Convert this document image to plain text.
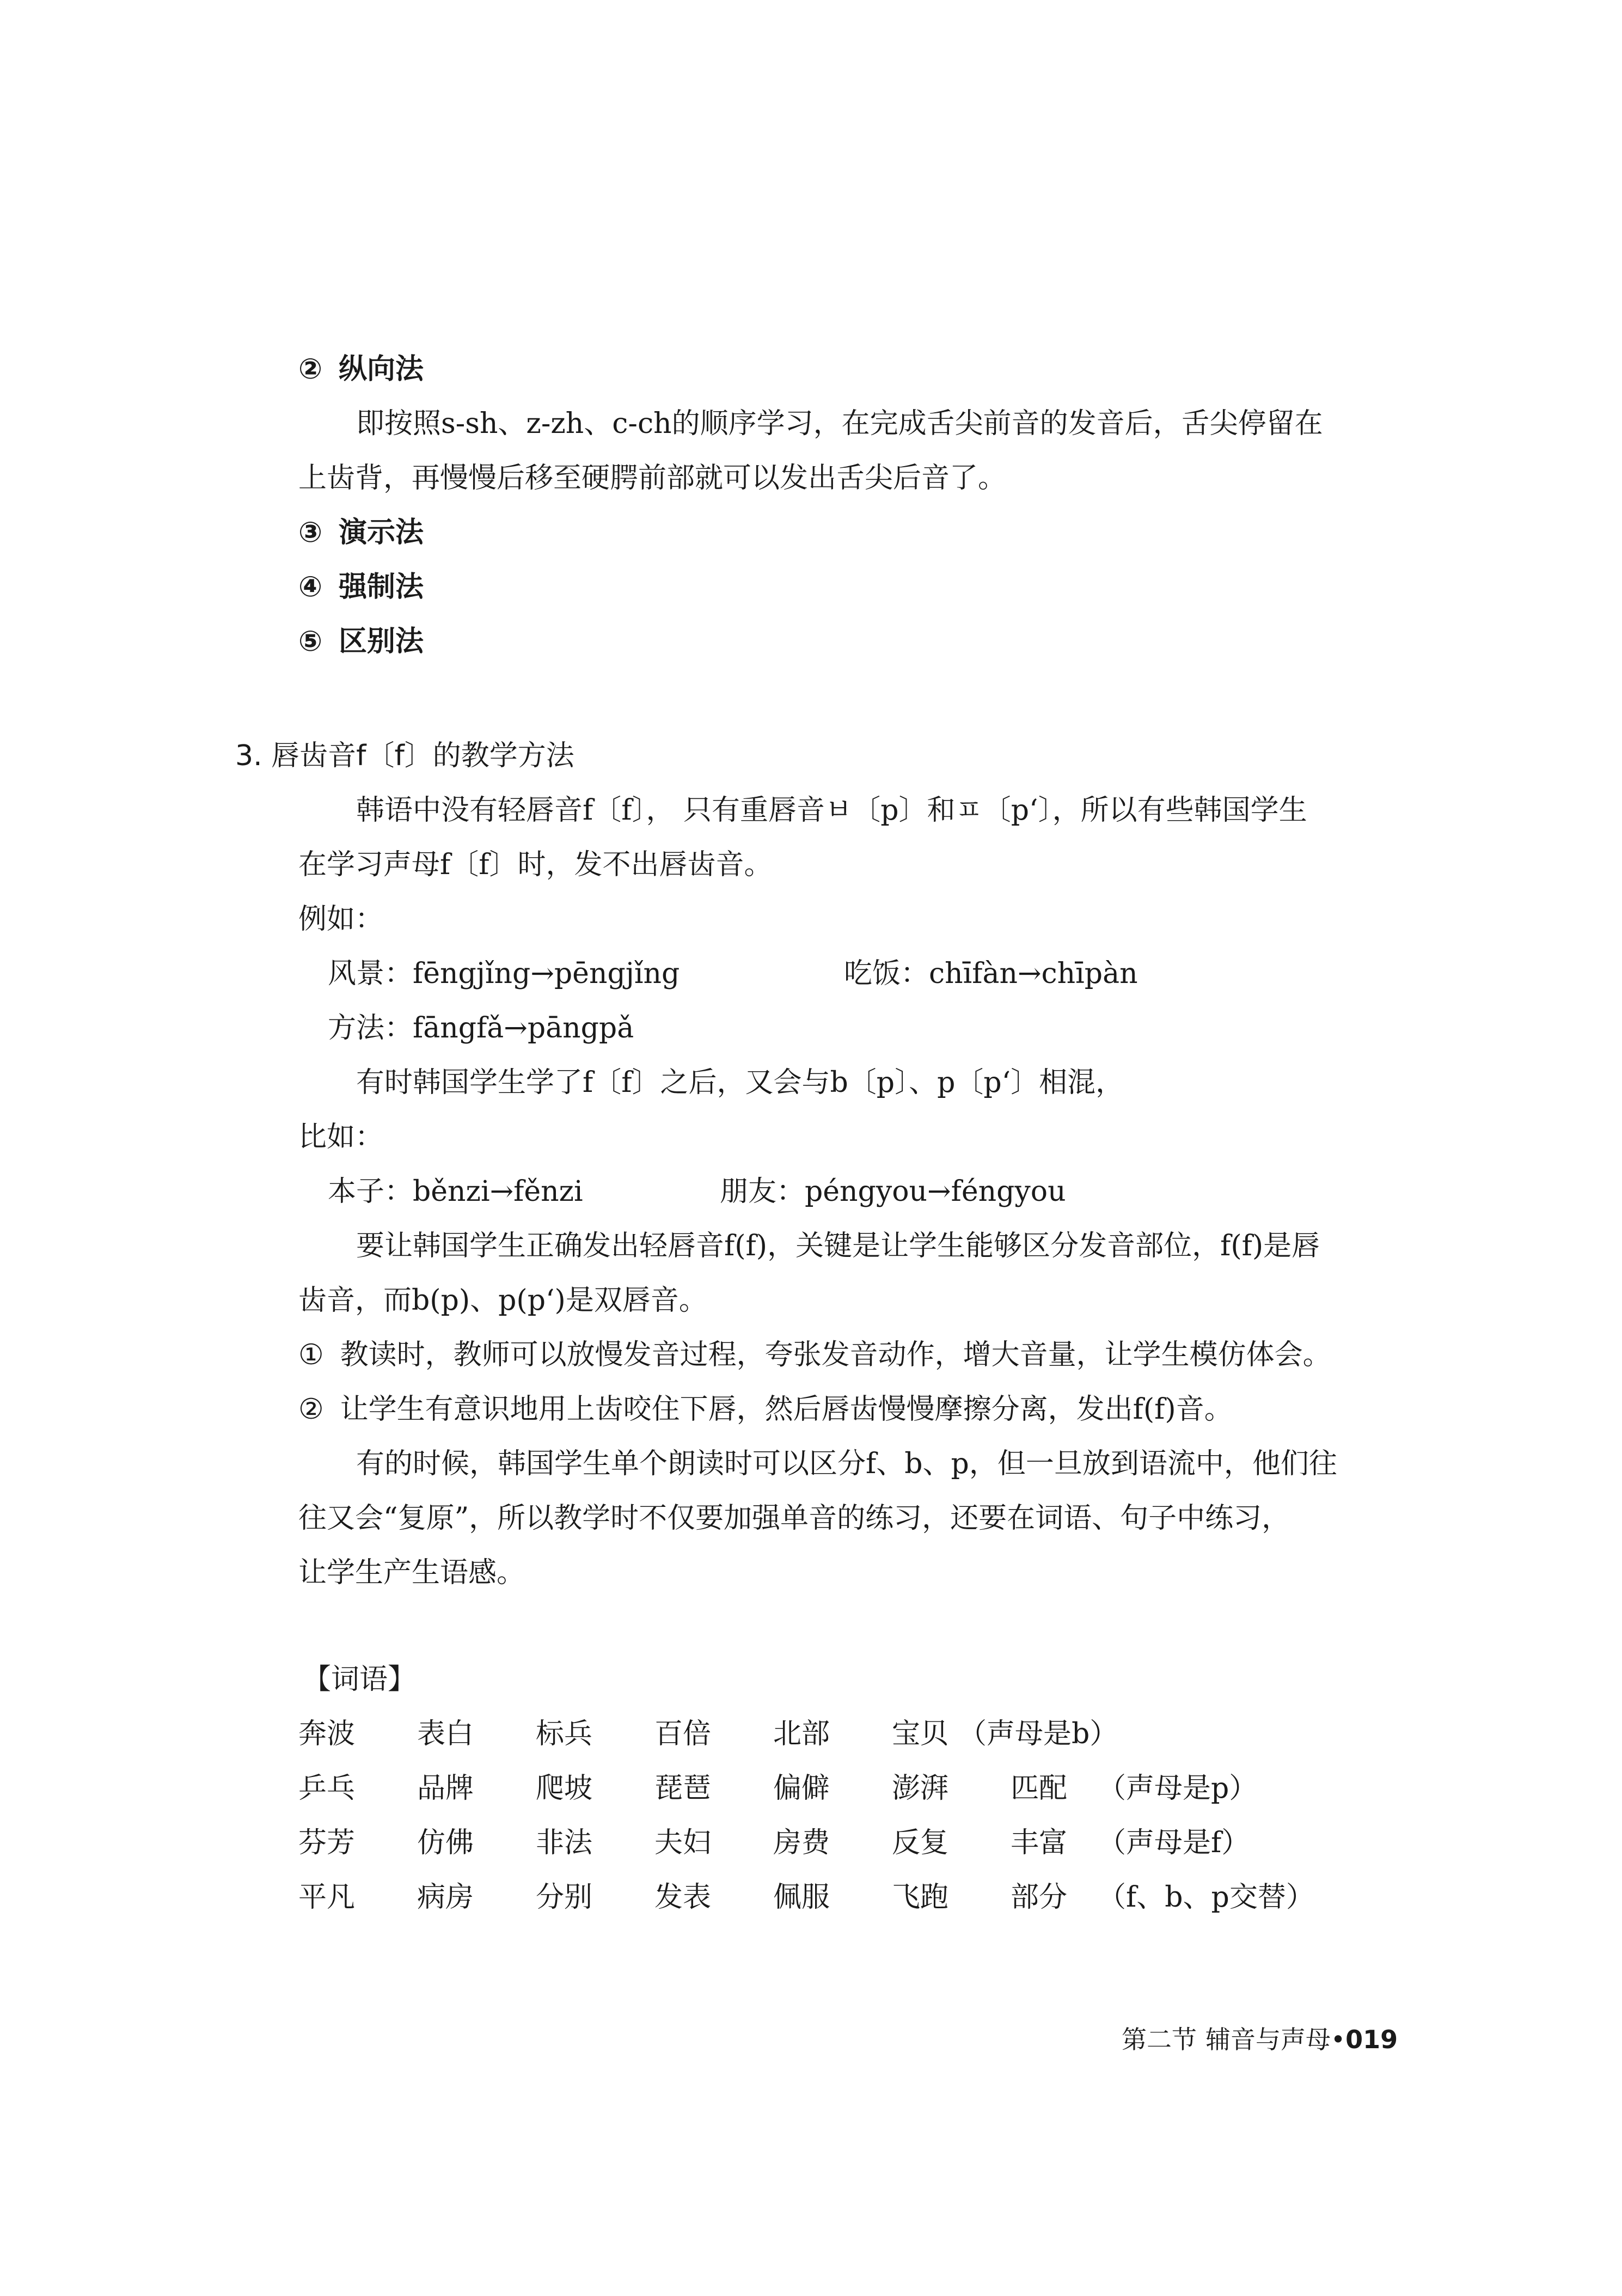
② 纵向法
即按照s-sh、z-zh、c-ch的顺序学习，在完成舌尖前音的发音后，舌尖停留在
上齿背，再慢慢后移至硬腭前部就可以发出舌尖后音了。
③ 演示法
④ 强制法
⑤ 区别法
3. 唇齿音f〔f〕的教学方法
韩语中没有轻唇音f〔f〕， 只有重唇音ㅂ〔p〕和ㅍ〔p‘〕，所以有些韩国学生
在学习声母f〔f〕时，发不出唇齿音。
例如：
风景：fēngjǐng→pēngjǐng	吃饭：chīfàn→chīpàn
方法：fāngfǎ→pāngpǎ
有时韩国学生学了f〔f〕之后，又会与b〔p〕、p〔p‘〕相混，
比如：
本子：běnzi→fěnzi	朋友：péngyou→féngyou
要让韩国学生正确发出轻唇音f(f)，关键是让学生能够区分发音部位，f(f)是唇
齿音，而b(p)、p(p‘)是双唇音。
① 教读时，教师可以放慢发音过程，夸张发音动作，增大音量，让学生模仿体会。
② 让学生有意识地用上齿咬住下唇，然后唇齿慢慢摩擦分离，发出f(f)音。
有的时候，韩国学生单个朗读时可以区分f、b、p，但一旦放到语流中，他们往
往又会“复原”，所以教学时不仅要加强单音的练习，还要在词语、句子中练习，
让学生产生语感。
【词语】
奔波 表白 标兵 百倍 北部 宝贝 （声母是b）
乒乓 品牌 爬坡 琵琶 偏僻 澎湃 匹配 （声母是p）
芬芳 仿佛 非法 夫妇 房费 反复 丰富 （声母是f）
平凡 病房 分别 发表 佩服 飞跑 部分 （f、b、p交替）
第二节 辅音与声母•019
